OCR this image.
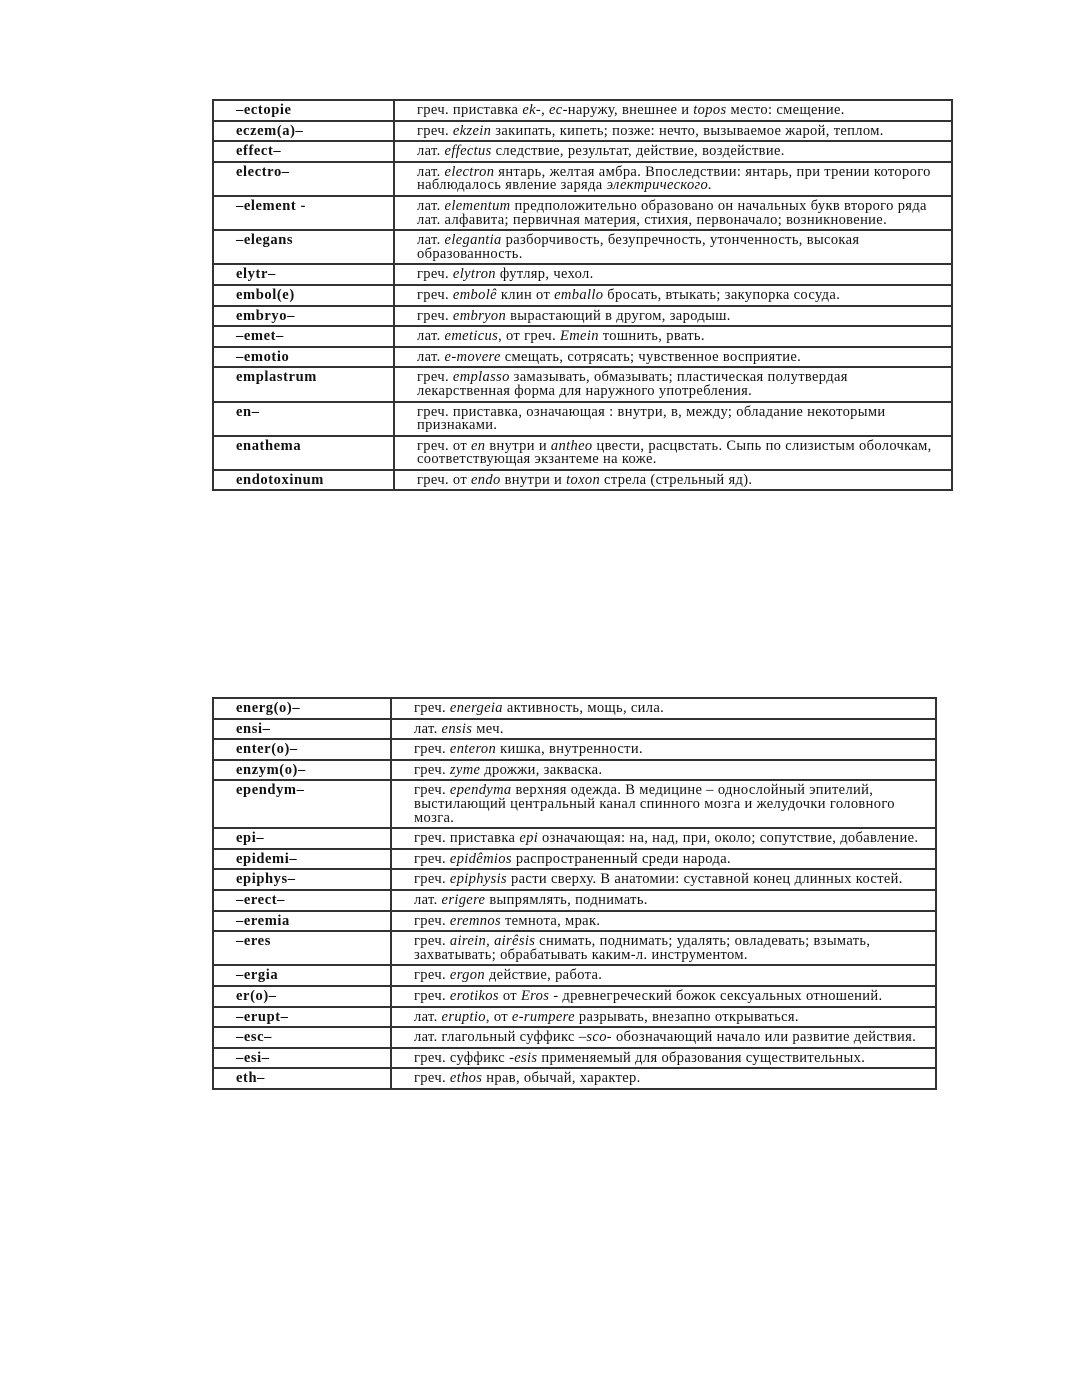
–ectopie	греч. приставка ek-, ec-наружу, внешнее и topos место: смещение.
eczem(a)–	греч. ekzein закипать, кипеть; позже: нечто, вызываемое жарой, теплом.
effect–	лат. effectus следствие, результат, действие, воздействие.
electro–	лат. electron янтарь, желтая амбра. Впоследствии: янтарь, при трении которого наблюдалось явление заряда электрического.
–element -	лат. elementum предположительно образовано он начальных букв второго ряда лат. алфавита; первичная материя, стихия, первоначало; возникновение.
–elegans	лат. elegantia разборчивость, безупречность, утонченность, высокая образованность.
elytr–	греч. elytron футляр, чехол.
embol(e)	греч. embolê клин от emballo бросать, втыкать; закупорка сосуда.
embryo–	греч. embryon вырастающий в другом, зародыш.
–emet–	лат. emeticus, от греч. Emein тошнить, рвать.
–emotio	лат. e-movere смещать, сотрясать; чувственное восприятие.
emplastrum	греч. emplasso замазывать, обмазывать; пластическая полутвердая лекарственная форма для наружного употребления.
en–	греч. приставка, означающая : внутри, в, между; обладание некоторыми признаками.
enathema	греч. от en внутри и antheo цвести, расцвстать. Сыпь по слизистым оболочкам, соответствующая экзантеме на коже.
endotoxinum	греч. от endo внутри и toxon стрела (стрельный яд).
energ(o)–	греч. energeia активность, мощь, сила.
ensi–	лат. ensis меч.
enter(o)–	греч. enteron кишка, внутренности.
enzym(o)–	греч. zyme дрожжи, закваска.
ependym–	греч. ependyma верхняя одежда. В медицине – однослойный эпителий, выстилающий центральный канал спинного мозга и желудочки головного мозга.
epi–	греч. приставка epi означающая: на, над, при, около; сопутствие, добавление.
epidemi–	греч. epidêmios распространенный среди народа.
epiphys–	греч. epiphysis расти сверху. В анатомии: суставной конец длинных костей.
–erect–	лат. erigere выпрямлять, поднимать.
–eremia	греч. eremnos темнота, мрак.
–eres	греч. airein, airêsis снимать, поднимать; удалять; овладевать; взымать, захватывать; обрабатывать каким-л. инструментом.
–ergia	греч. ergon действие, работа.
er(o)–	греч. erotikos от Eros - древнегреческий божок сексуальных отношений.
–erupt–	лат. eruptio, от e-rumpere разрывать, внезапно открываться.
–esc–	лат. глагольный суффикс –sco- обозначающий начало или развитие действия.
–esi–	греч. суффикс -esis применяемый для образования существительных.
eth–	греч. ethos нрав, обычай, характер.
